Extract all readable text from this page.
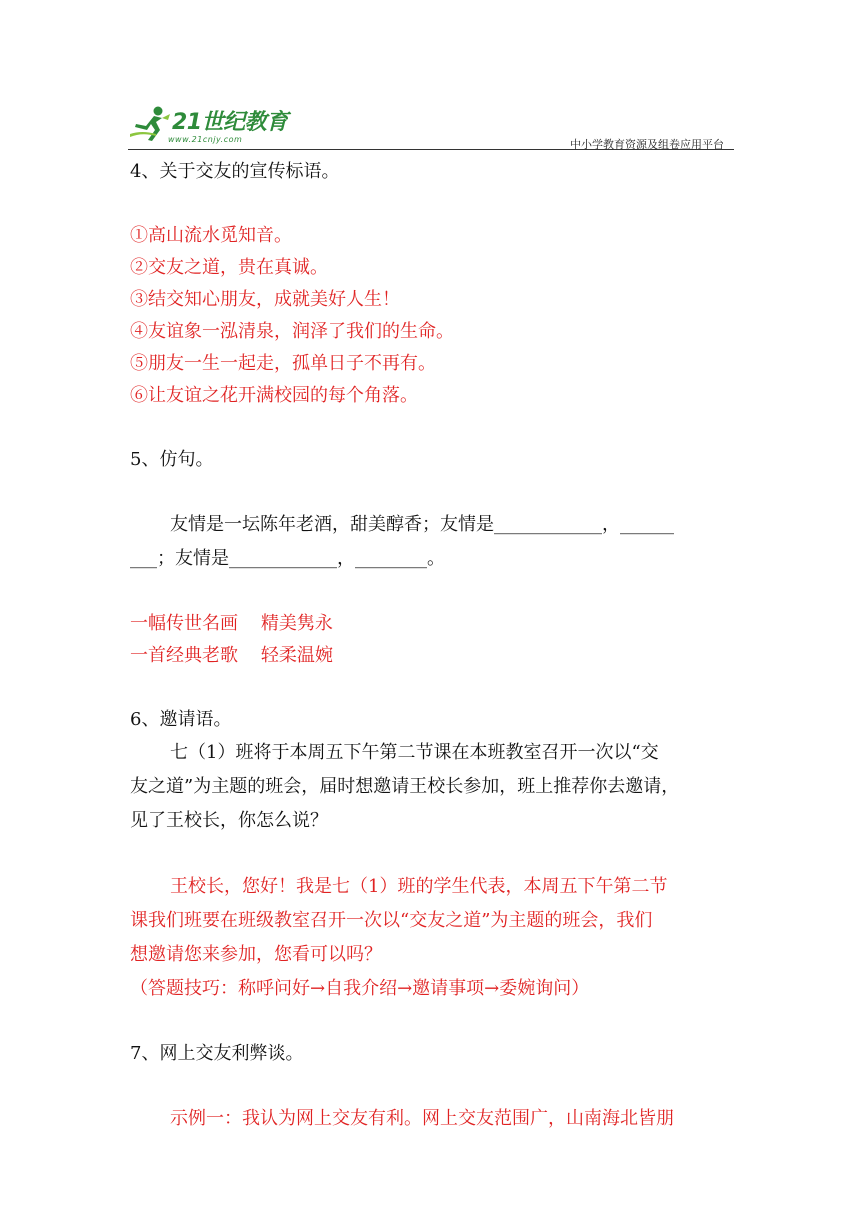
21世纪教育
www.21cnjy.com	中小学教育资源及组卷应用平台
4、关于交友的宣传标语。
①高山流水觅知音。
②交友之道，贵在真诚。
③结交知心朋友，成就美好人生！
④友谊象一泓清泉，润泽了我们的生命。
⑤朋友一生一起走，孤单日子不再有。
⑥让友谊之花开满校园的每个角落。
5、仿句。
友情是一坛陈年老酒，甜美醇香；友情是____________，______
___；友情是____________，________。
一幅传世名画    精美隽永
一首经典老歌    轻柔温婉
6、邀请语。
七（1）班将于本周五下午第二节课在本班教室召开一次以“交
友之道”为主题的班会，届时想邀请王校长参加，班上推荐你去邀请，
见了王校长，你怎么说？
王校长，您好！我是七（1）班的学生代表，本周五下午第二节
课我们班要在班级教室召开一次以“交友之道”为主题的班会，我们
想邀请您来参加，您看可以吗？
（答题技巧：称呼问好→自我介绍→邀请事项→委婉询问）
7、网上交友利弊谈。
示例一：我认为网上交友有利。网上交友范围广，山南海北皆朋
